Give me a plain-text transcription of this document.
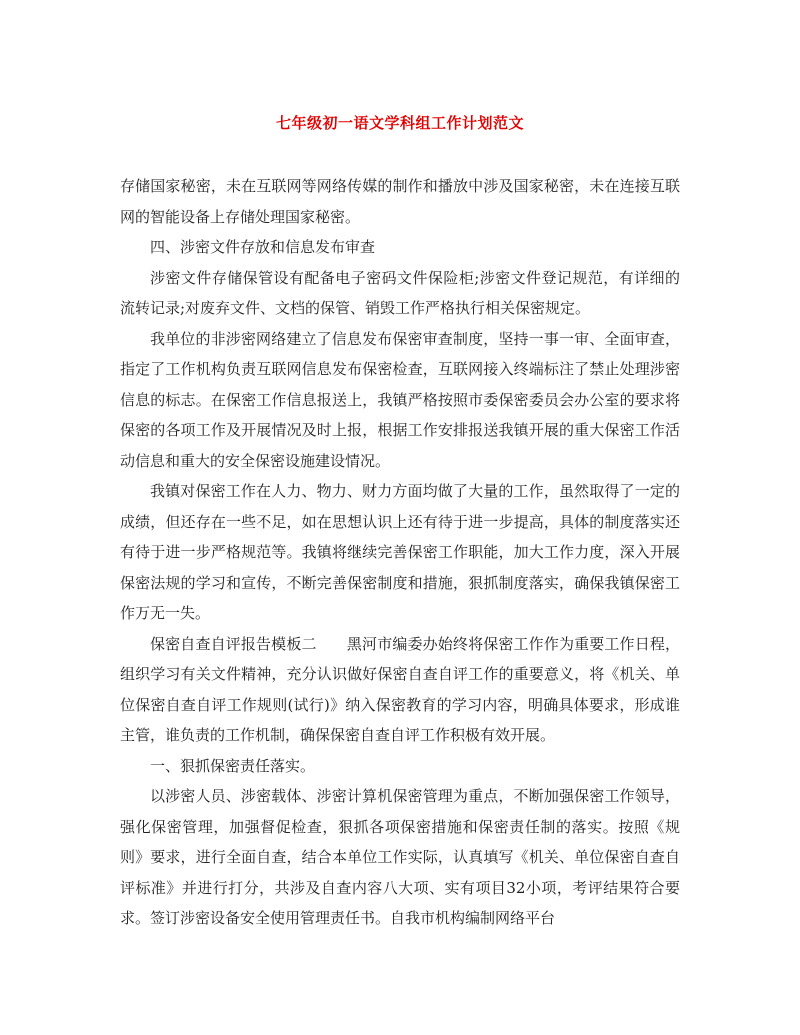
七年级初一语文学科组工作计划范文

存储国家秘密，未在互联网等网络传媒的制作和播放中涉及国家秘密，未在连接互联网的智能设备上存储处理国家秘密。

四、涉密文件存放和信息发布审查

涉密文件存储保管设有配备电子密码文件保险柜;涉密文件登记规范，有详细的流转记录;对废弃文件、文档的保管、销毁工作严格执行相关保密规定。

我单位的非涉密网络建立了信息发布保密审查制度，坚持一事一审、全面审查，指定了工作机构负责互联网信息发布保密检查，互联网接入终端标注了禁止处理涉密信息的标志。在保密工作信息报送上，我镇严格按照市委保密委员会办公室的要求将保密的各项工作及开展情况及时上报，根据工作安排报送我镇开展的重大保密工作活动信息和重大的安全保密设施建设情况。

我镇对保密工作在人力、物力、财力方面均做了大量的工作，虽然取得了一定的成绩，但还存在一些不足，如在思想认识上还有待于进一步提高，具体的制度落实还有待于进一步严格规范等。我镇将继续完善保密工作职能，加大工作力度，深入开展保密法规的学习和宣传，不断完善保密制度和措施，狠抓制度落实，确保我镇保密工作万无一失。

保密自查自评报告模板二　　黑河市编委办始终将保密工作作为重要工作日程，组织学习有关文件精神，充分认识做好保密自查自评工作的重要意义，将《机关、单位保密自查自评工作规则(试行)》纳入保密教育的学习内容，明确具体要求，形成谁主管，谁负责的工作机制，确保保密自查自评工作积极有效开展。

一、狠抓保密责任落实。

以涉密人员、涉密载体、涉密计算机保密管理为重点，不断加强保密工作领导，强化保密管理，加强督促检查，狠抓各项保密措施和保密责任制的落实。按照《规则》要求，进行全面自查，结合本单位工作实际，认真填写《机关、单位保密自查自评标准》并进行打分，共涉及自查内容八大项、实有项目32小项，考评结果符合要求。签订涉密设备安全使用管理责任书。自我市机构编制网络平台
